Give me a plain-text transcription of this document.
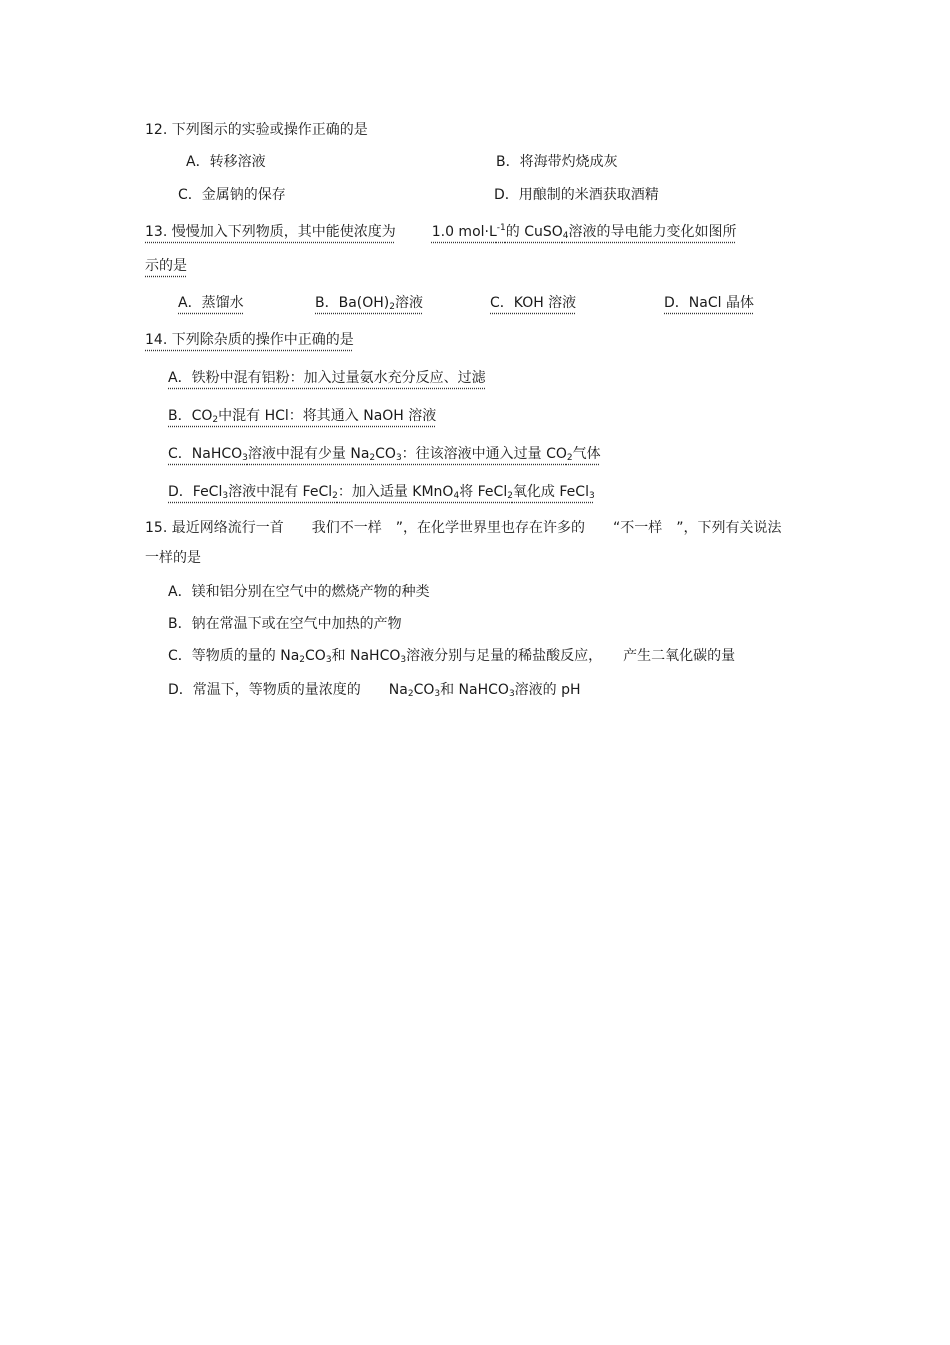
12. 下列图示的实验或操作正确的是
A．转移溶液	B．将海带灼烧成灰
C．金属钠的保存	D．用酿制的米酒获取酒精
13. 慢慢加入下列物质，其中能使浓度为	1.0 $mol\cdot L^{-1}$的 CuSO$_4$溶液的导电能力变化如图所
示的是
A．蒸馏水	B．$Ba(OH)_2$溶液	C．KOH 溶液	D．NaCl 晶体
14. 下列除杂质的操作中正确的是
A．铁粉中混有铝粉：加入过量氨水充分反应、过滤
B．$CO_2$中混有 HCl：将其通入 NaOH 溶液
C．NaHCO$_3$溶液中混有少量 $Na_2CO_3$：往该溶液中通入过量 $CO_2$气体
D．FeCl$_3$溶液中混有 FeCl$_2$：加入适量 KMnO$_4$将 FeCl$_2$氧化成 FeCl$_3$
15. 最近网络流行一首　　我们不一样　”，在化学世界里也存在许多的　　“不一样　”，下列有关说法
一样的是
A．镁和铝分别在空气中的燃烧产物的种类
B．钠在常温下或在空气中加热的产物
C．等物质的量的 $Na_2CO_3$和 NaHCO$_3$溶液分别与足量的稀盐酸反应，　　产生二氧化碳的量
D．常温下，等物质的量浓度的　　$Na_2CO_3$和 NaHCO$_3$溶液的 pH
